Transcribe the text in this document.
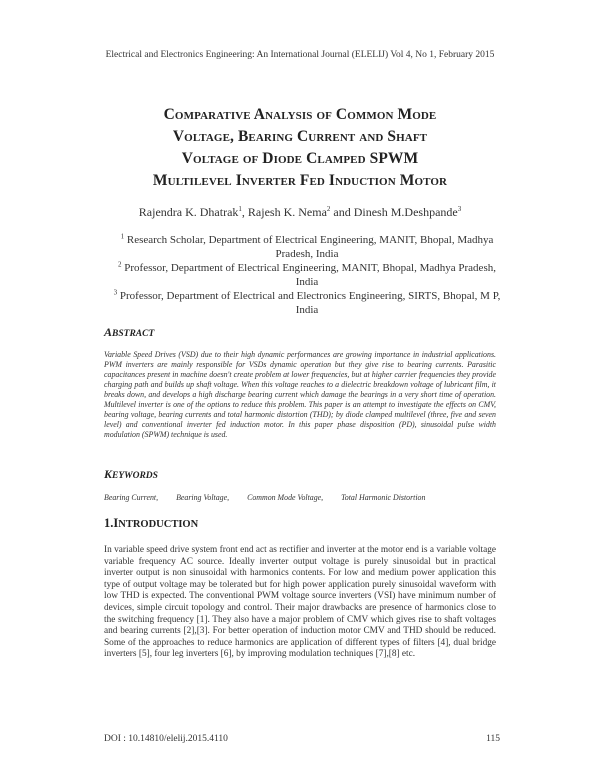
Electrical and Electronics Engineering: An International Journal (ELELIJ) Vol 4, No 1, February 2015
Comparative Analysis of Common Mode
Voltage, Bearing Current and Shaft
Voltage of Diode Clamped SPWM
Multilevel Inverter Fed Induction Motor
Rajendra K. Dhatrak$^1$, Rajesh K. Nema$^2$ and Dinesh M.Deshpande$^3$
$^1$ Research Scholar, Department of Electrical Engineering, MANIT, Bhopal, Madhya Pradesh, India
$^2$ Professor, Department of Electrical Engineering, MANIT, Bhopal, Madhya Pradesh, India
$^3$ Professor, Department of Electrical and Electronics Engineering, SIRTS, Bhopal, M P, India
ABSTRACT
Variable Speed Drives (VSD) due to their high dynamic performances are growing importance in industrial applications. PWM inverters are mainly responsible for VSDs dynamic operation but they give rise to bearing currents. Parasitic capacitances present in machine doesn't create problem at lower frequencies, but at higher carrier frequencies they provide charging path and builds up shaft voltage. When this voltage reaches to a dielectric breakdown voltage of lubricant film, it breaks down, and develops a high discharge bearing current which damage the bearings in a very short time of operation. Multilevel inverter is one of the options to reduce this problem. This paper is an attempt to investigate the effects on CMV, bearing voltage, bearing currents and total harmonic distortion (THD); by diode clamped multilevel (three, five and seven level) and conventional inverter fed induction motor. In this paper phase disposition (PD), sinusoidal pulse width modulation (SPWM) technique is used.
KEYWORDS
Bearing Current, Bearing Voltage, Common Mode Voltage, Total Harmonic Distortion
1.INTRODUCTION
In variable speed drive system front end act as rectifier and inverter at the motor end is a variable voltage variable frequency AC source. Ideally inverter output voltage is purely sinusoidal but in practical inverter output is non sinusoidal with harmonics contents. For low and medium power application this type of output voltage may be tolerated but for high power application purely sinusoidal waveform with low THD is expected. The conventional PWM voltage source inverters (VSI) have minimum number of devices, simple circuit topology and control. Their major drawbacks are presence of harmonics close to the switching frequency [1]. They also have a major problem of CMV which gives rise to shaft voltages and bearing currents [2],[3]. For better operation of induction motor CMV and THD should be reduced. Some of the approaches to reduce harmonics are application of different types of filters [4], dual bridge inverters [5], four leg inverters [6], by improving modulation techniques [7],[8] etc.
DOI : 10.14810/elelij.2015.4110	115
